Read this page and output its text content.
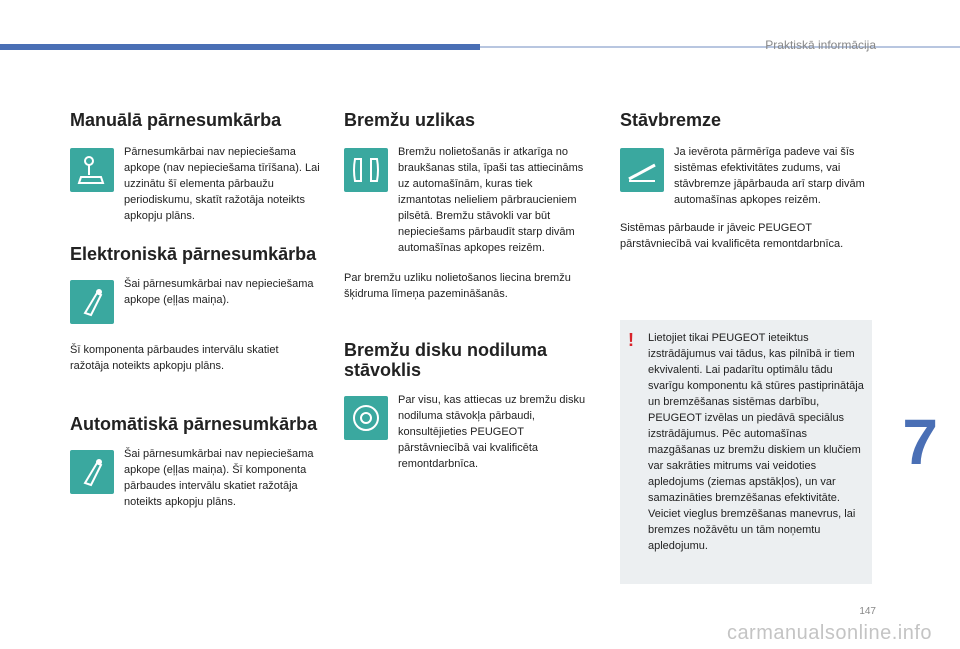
Praktiskā informācija
Manuālā pārnesumkārba
Pārnesumkārbai nav nepieciešama apkope (nav nepieciešama tīrīšana). Lai uzzinātu šī elementa pārbaužu periodiskumu, skatīt ražotāja noteikts apkopju plāns.
Elektroniskā pārnesumkārba
Šai pārnesumkārbai nav nepieciešama apkope (eļļas maiņa).

Šī komponenta pārbaudes intervālu skatiet ražotāja noteikts apkopju plāns.

Automātiskā pārnesumkārba
Šai pārnesumkārbai nav nepieciešama apkope (eļļas maiņa). Šī komponenta pārbaudes intervālu skatiet ražotāja noteikts apkopju plāns.
Bremžu uzlikas
Bremžu nolietošanās ir atkarīga no braukšanas stila, īpaši tas attiecināms uz automašīnām, kuras tiek izmantotas nelieliem pārbraucieniem pilsētā. Bremžu stāvokli var būt nepieciešams pārbaudīt starp divām automašīnas apkopes reizēm.

Par bremžu uzliku nolietošanos liecina bremžu šķidruma līmeņa pazemināšanās.

Bremžu disku nodiluma stāvoklis
Par visu, kas attiecas uz bremžu disku nodiluma stāvokļa pārbaudi, konsultējieties PEUGEOT pārstāvniecībā vai kvalificēta remontdarbnīca.
Stāvbremze
Ja ievērota pārmērīga padeve vai šīs sistēmas efektivitātes zudums, vai stāvbremze jāpārbauda arī starp divām automašīnas apkopes reizēm.

Sistēmas pārbaude ir jāveic PEUGEOT pārstāvniecībā vai kvalificēta remontdarbnīca.

! Lietojiet tikai PEUGEOT ieteiktus izstrādājumus vai tādus, kas pilnībā ir tiem ekvivalenti. Lai padarītu optimālu tādu svarīgu komponentu kā stūres pastiprinātāja un bremzēšanas sistēmas darbību, PEUGEOT izvēlas un piedāvā speciālus izstrādājumus. Pēc automašīnas mazgāšanas uz bremžu diskiem un klučiem var sakrāties mitrums vai veidoties apledojums (ziemas apstākļos), un var samazināties bremzēšanas efektivitāte. Veiciet vieglus bremzēšanas manevrus, lai bremzes nožāvētu un tām noņemtu apledojumu.
7
147
carmanualsonline.info
